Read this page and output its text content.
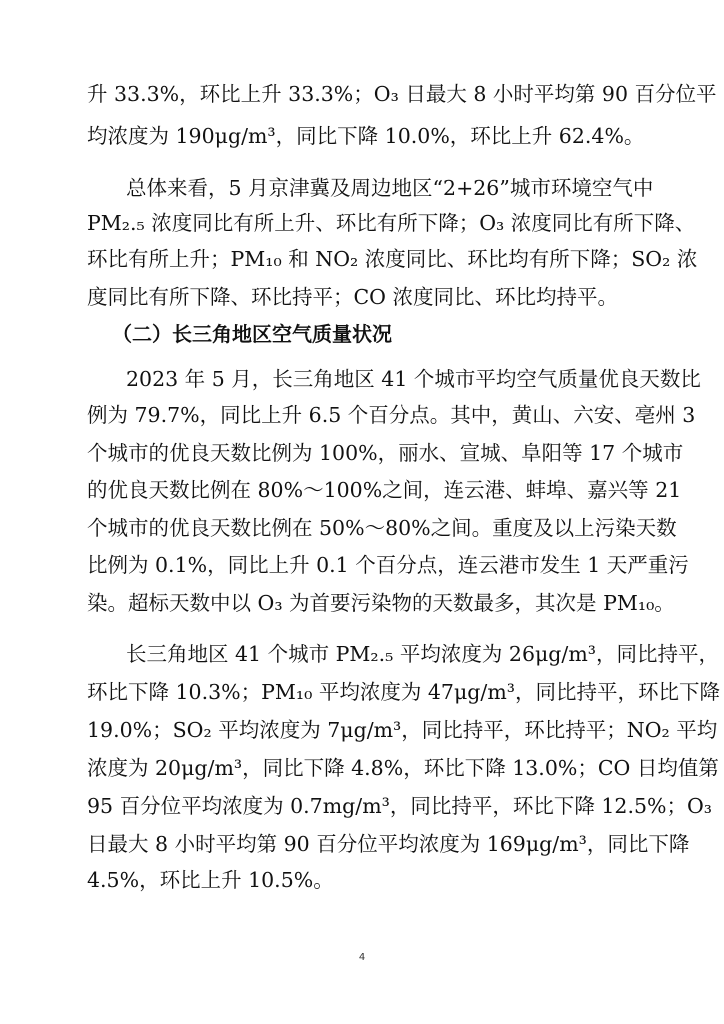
升 33.3%，环比上升 33.3%；O₃ 日最大 8 小时平均第 90 百分位平
均浓度为 190μg/m³，同比下降 10.0%，环比上升 62.4%。
总体来看，5 月京津冀及周边地区“2+26”城市环境空气中
PM₂.₅ 浓度同比有所上升、环比有所下降；O₃ 浓度同比有所下降、
环比有所上升；PM₁₀ 和 NO₂ 浓度同比、环比均有所下降；SO₂ 浓
度同比有所下降、环比持平；CO 浓度同比、环比均持平。
（二）长三角地区空气质量状况
2023 年 5 月，长三角地区 41 个城市平均空气质量优良天数比
例为 79.7%，同比上升 6.5 个百分点。其中，黄山、六安、亳州 3
个城市的优良天数比例为 100%，丽水、宣城、阜阳等 17 个城市
的优良天数比例在 80%～100%之间，连云港、蚌埠、嘉兴等 21
个城市的优良天数比例在 50%～80%之间。重度及以上污染天数
比例为 0.1%，同比上升 0.1 个百分点，连云港市发生 1 天严重污
染。超标天数中以 O₃ 为首要污染物的天数最多，其次是 PM₁₀。
长三角地区 41 个城市 PM₂.₅ 平均浓度为 26μg/m³，同比持平，
环比下降 10.3%；PM₁₀ 平均浓度为 47μg/m³，同比持平，环比下降
19.0%；SO₂ 平均浓度为 7μg/m³，同比持平，环比持平；NO₂ 平均
浓度为 20μg/m³，同比下降 4.8%，环比下降 13.0%；CO 日均值第
95 百分位平均浓度为 0.7mg/m³，同比持平，环比下降 12.5%；O₃
日最大 8 小时平均第 90 百分位平均浓度为 169μg/m³，同比下降
4.5%，环比上升 10.5%。
4
